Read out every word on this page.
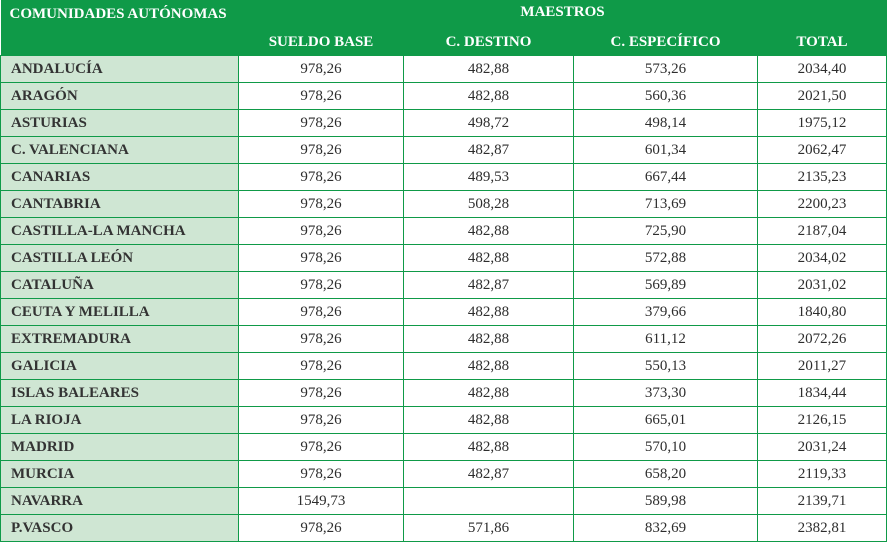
COMUNIDADES AUTÓNOMAS	MAESTROS			
	SUELDO BASE	C. DESTINO	C. ESPECÍFICO	TOTAL
ANDALUCÍA	978,26	482,88	573,26	2034,40
ARAGÓN	978,26	482,88	560,36	2021,50
ASTURIAS	978,26	498,72	498,14	1975,12
C. VALENCIANA	978,26	482,87	601,34	2062,47
CANARIAS	978,26	489,53	667,44	2135,23
CANTABRIA	978,26	508,28	713,69	2200,23
CASTILLA-LA MANCHA	978,26	482,88	725,90	2187,04
CASTILLA LEÓN	978,26	482,88	572,88	2034,02
CATALUÑA	978,26	482,87	569,89	2031,02
CEUTA Y MELILLA	978,26	482,88	379,66	1840,80
EXTREMADURA	978,26	482,88	611,12	2072,26
GALICIA	978,26	482,88	550,13	2011,27
ISLAS BALEARES	978,26	482,88	373,30	1834,44
LA RIOJA	978,26	482,88	665,01	2126,15
MADRID	978,26	482,88	570,10	2031,24
MURCIA	978,26	482,87	658,20	2119,33
NAVARRA	1549,73		589,98	2139,71
P.VASCO	978,26	571,86	832,69	2382,81
